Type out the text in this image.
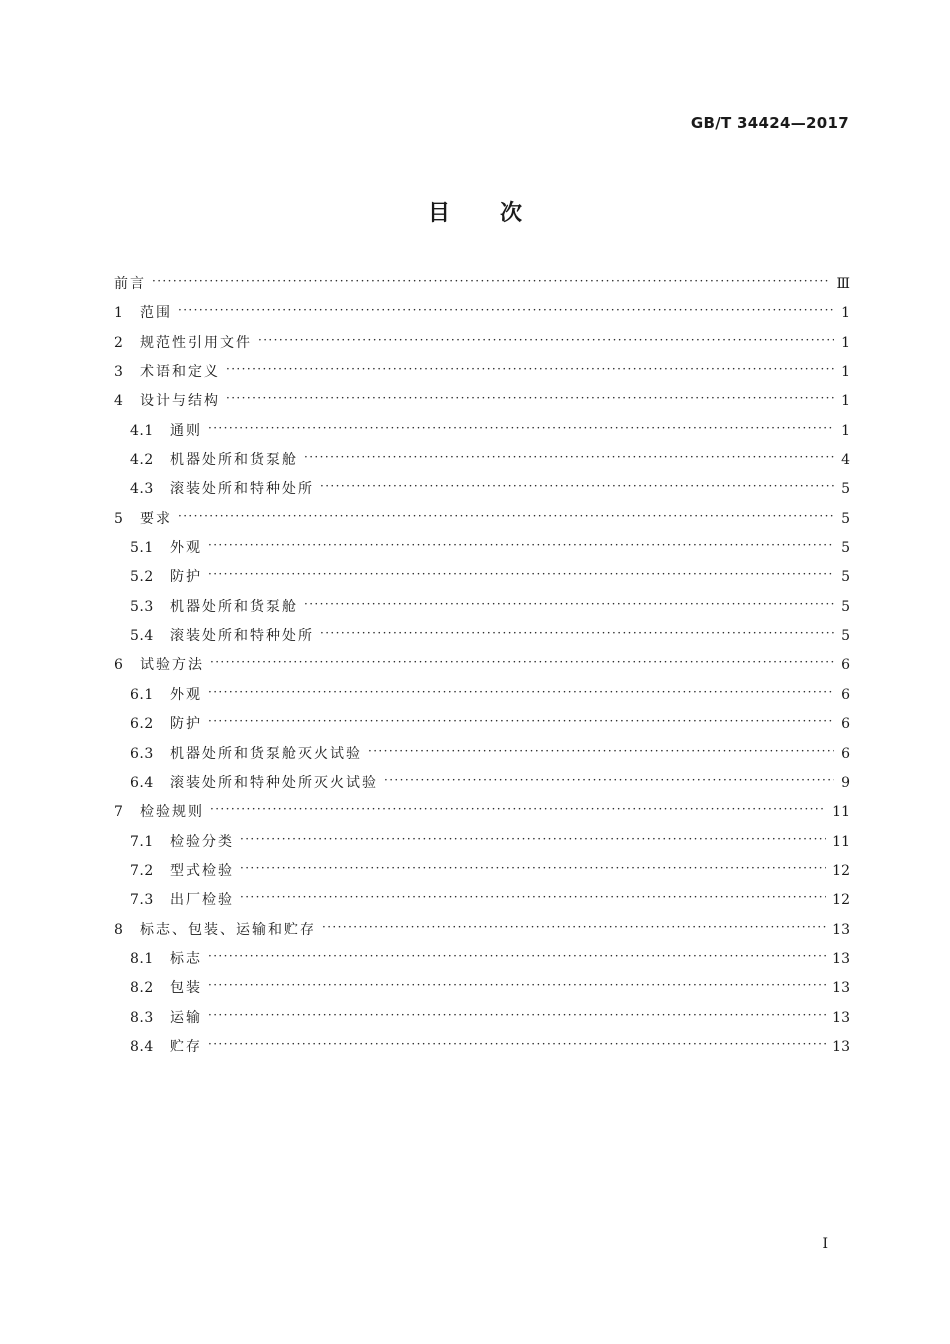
GB/T 34424—2017
目次
前言 ·····	Ⅲ
1	范围 ·····	1
2	规范性引用文件 ·····	1
3	术语和定义 ·····	1
4	设计与结构 ·····	1
4.1	通则 ·····	1
4.2	机器处所和货泵舱 ·····	4
4.3	滚装处所和特种处所 ·····	5
5	要求 ·····	5
5.1	外观 ·····	5
5.2	防护 ·····	5
5.3	机器处所和货泵舱 ·····	5
5.4	滚装处所和特种处所 ·····	5
6	试验方法 ·····	6
6.1	外观 ·····	6
6.2	防护 ·····	6
6.3	机器处所和货泵舱灭火试验 ·····	6
6.4	滚装处所和特种处所灭火试验 ·····	9
7	检验规则 ·····	11
7.1	检验分类 ·····	11
7.2	型式检验 ·····	12
7.3	出厂检验 ·····	12
8	标志、包装、运输和贮存 ·····	13
8.1	标志 ·····	13
8.2	包装 ·····	13
8.3	运输 ·····	13
8.4	贮存 ·····	13
Ⅰ
